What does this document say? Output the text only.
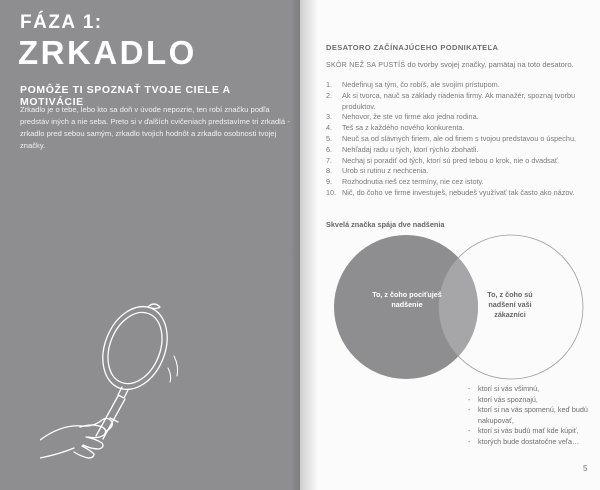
FÁZA 1:
ZRKADLO
POMÔŽE TI SPOZNAŤ TVOJE CIELE A MOTIVÁCIE

Zrkadlo je o tebe, lebo kto sa doň v úvode nepozrie, ten robí značku podľa predstáv iných a nie seba. Preto si v ďalších cvičeniach predstavíme tri zrkadlá - zrkadlo pred sebou samým, zrkadlo tvojich hodnôt a zrkadlo osobnosti tvojej značky.

DESATORO ZAČÍNAJÚCEHO PODNIKATEĽA

SKÔR NEŽ SA PUSTÍŠ do tvorby svojej značky, pamätaj na toto desatoro.

1.	Nedefinuj sa tým, čo robíš, ale svojím prístupom.
2.	Ak si tvorca, nauč sa základy riadenia firmy. Ak manažér, spoznaj tvorbu produktov.
3.	Nehovor, že ste vo firme ako jedna rodina.
4.	Teš sa z každého nového konkurenta.
5.	Neuč sa od slávnych firiem, ale od firiem s tvojou predstavou o úspechu.
6.	Nehľadaj radu u tých, ktorí rýchlo zbohatli.
7.	Nechaj si poradiť od tých, ktorí sú pred tebou o krok, nie o dvadsať.
8.	Urob si rutinu z nechcenia.
9.	Rozhodnutia rieš cez termíny, nie cez istoty.
10. Nič, do čoho ve firme investuješ, nebudeš využívať tak často ako názov.
Skvelá značka spája dve nadšenia
To, z čoho pociťuješ nadšenie
To, z čoho sú nadšení vaši zákazníci
-	ktorí si vás všimnú,
-	ktorí vás spoznajú,
-	ktorí si na vás spomenú, keď budú nakupovať,
-	ktorí si vás budú mať kde kúpiť,
-	ktorých bude dostatočne veľa…
5
